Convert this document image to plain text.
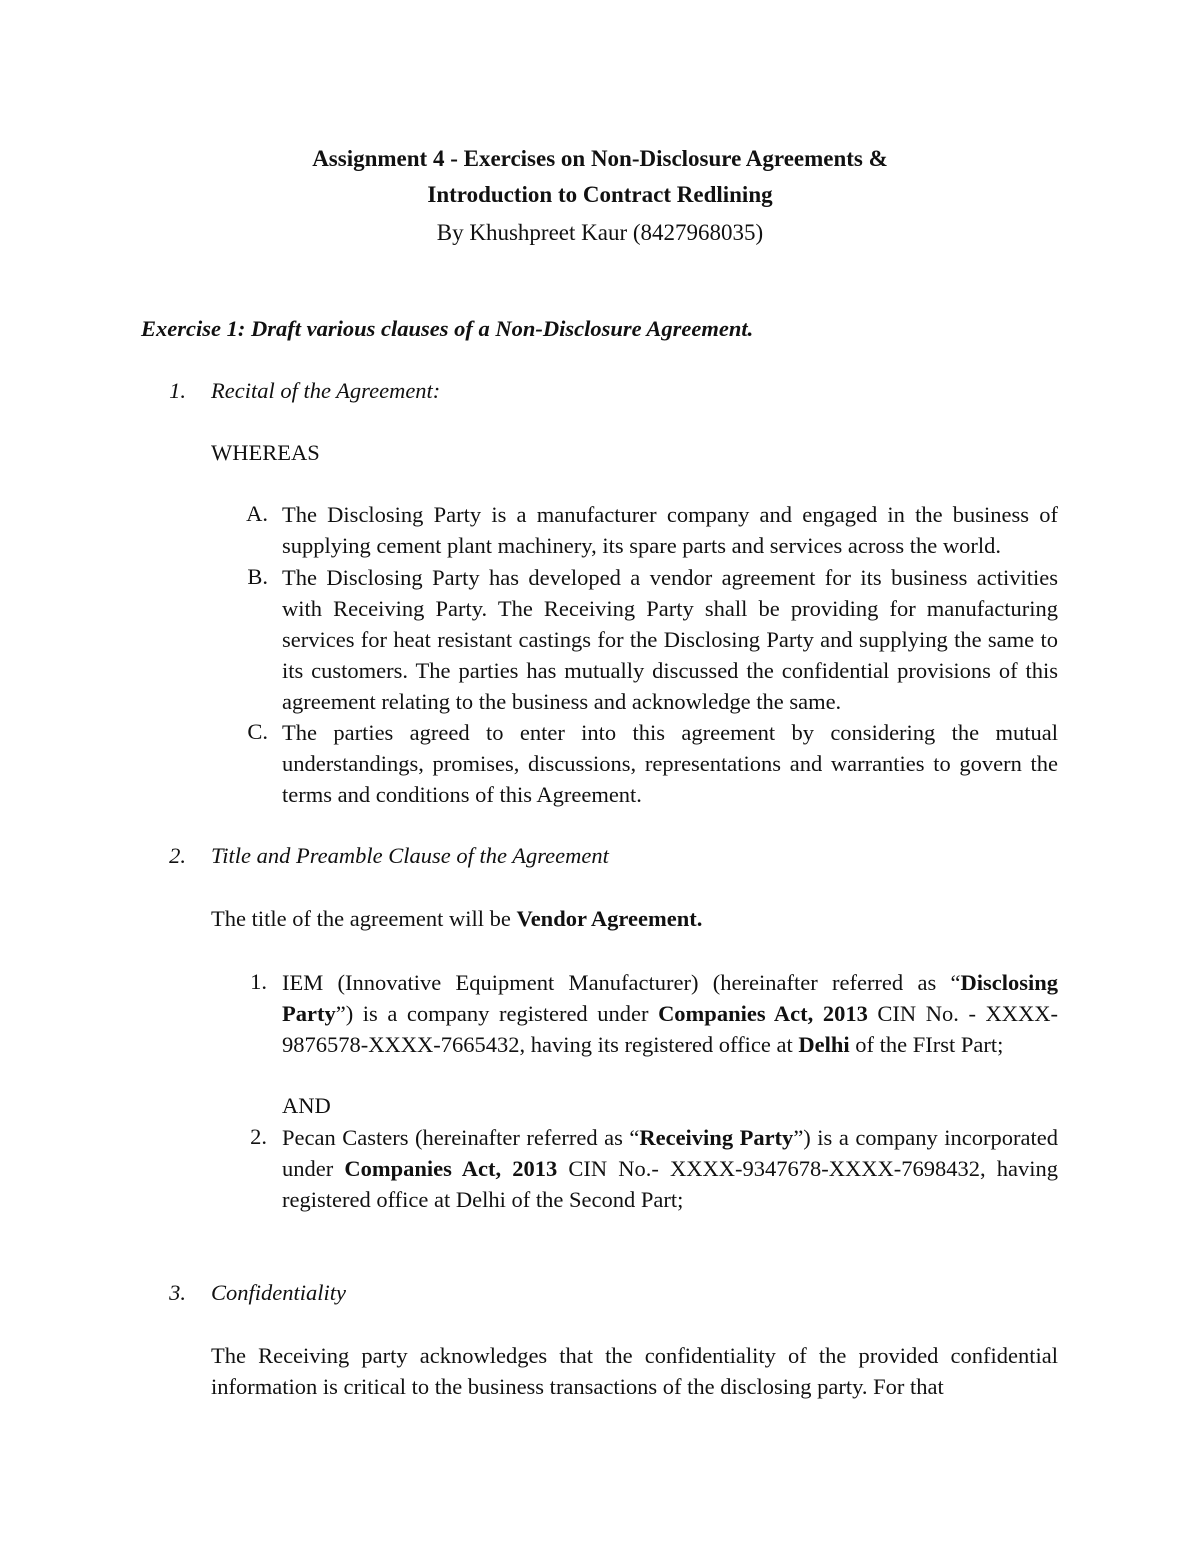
Assignment 4 - Exercises on Non-Disclosure Agreements &
Introduction to Contract Redlining
By Khushpreet Kaur (8427968035)
Exercise 1: Draft various clauses of a Non-Disclosure Agreement.
1. Recital of the Agreement:
WHEREAS
A. The Disclosing Party is a manufacturer company and engaged in the business of supplying cement plant machinery, its spare parts and services across the world.
B. The Disclosing Party has developed a vendor agreement for its business activities with Receiving Party. The Receiving Party shall be providing for manufacturing services for heat resistant castings for the Disclosing Party and supplying the same to its customers. The parties has mutually discussed the confidential provisions of this agreement relating to the business and acknowledge the same.
C. The parties agreed to enter into this agreement by considering the mutual understandings, promises, discussions, representations and warranties to govern the terms and conditions of this Agreement.
2. Title and Preamble Clause of the Agreement
The title of the agreement will be Vendor Agreement.
1. IEM (Innovative Equipment Manufacturer) (hereinafter referred as “Disclosing Party”) is a company registered under Companies Act, 2013 CIN No. - XXXX-9876578-XXXX-7665432, having its registered office at Delhi of the FIrst Part;
AND
2. Pecan Casters (hereinafter referred as “Receiving Party”) is a company incorporated under Companies Act, 2013 CIN No.- XXXX-9347678-XXXX-7698432, having registered office at Delhi of the Second Part;
3. Confidentiality
The Receiving party acknowledges that the confidentiality of the provided confidential information is critical to the business transactions of the disclosing party. For that
